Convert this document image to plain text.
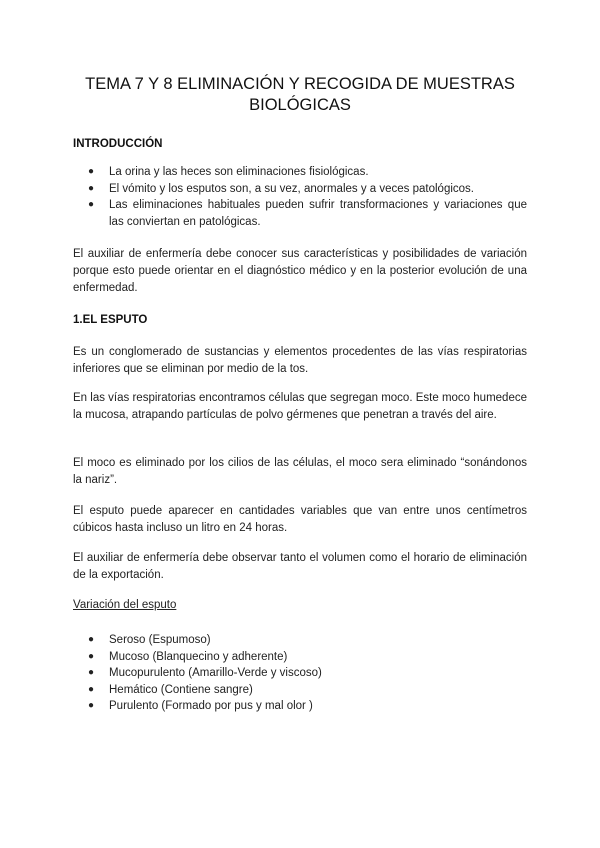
TEMA 7 Y 8 ELIMINACIÓN Y RECOGIDA DE MUESTRAS BIOLÓGICAS
INTRODUCCIÓN
● La orina y las heces son eliminaciones fisiológicas.
● El vómito y los esputos son, a su vez, anormales y a veces patológicos.
● Las eliminaciones habituales pueden sufrir transformaciones y variaciones que las conviertan en patológicas.
El auxiliar de enfermería debe conocer sus características y posibilidades de variación porque esto puede orientar en el diagnóstico médico y en la posterior evolución de una enfermedad.
1.EL ESPUTO
Es un conglomerado de sustancias y elementos procedentes de las vías respiratorias inferiores que se eliminan por medio de la tos.
En las vías respiratorias encontramos células que segregan moco. Este moco humedece la mucosa, atrapando partículas de polvo gérmenes que penetran a través del aire.
El moco es eliminado por los cilios de las células, el moco sera eliminado “sonándonos la nariz”.
El esputo puede aparecer en cantidades variables que van entre unos centímetros cúbicos hasta incluso un litro en 24 horas.
El auxiliar de enfermería debe observar tanto el volumen como el horario de eliminación de la exportación.
Variación del esputo
● Seroso (Espumoso)
● Mucoso (Blanquecino y adherente)
● Mucopurulento (Amarillo-Verde y viscoso)
● Hemático (Contiene sangre)
● Purulento (Formado por pus y mal olor )
